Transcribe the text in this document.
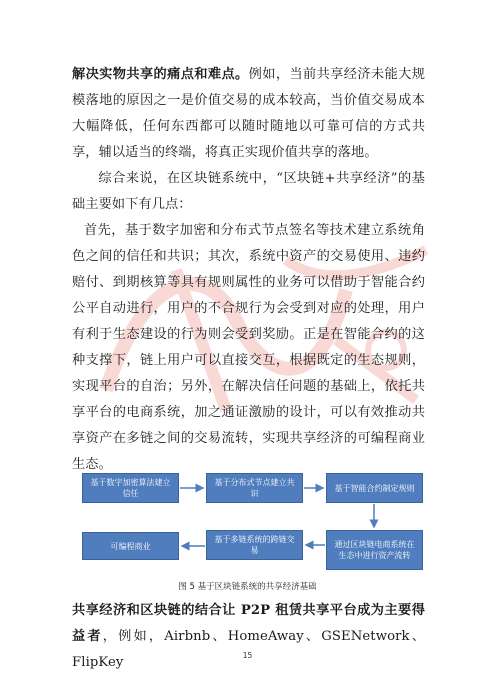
解决实物共享的痛点和难点。例如，当前共享经济未能大规模落地的原因之一是价值交易的成本较高，当价值交易成本大幅降低，任何东西都可以随时随地以可靠可信的方式共享，辅以适当的终端，将真正实现价值共享的落地。
综合来说，在区块链系统中，“区块链+共享经济”的基础主要如下有几点：
首先，基于数字加密和分布式节点签名等技术建立系统角色之间的信任和共识；其次，系统中资产的交易使用、违约赔付、到期核算等具有规则属性的业务可以借助于智能合约公平自动进行，用户的不合规行为会受到对应的处理，用户有利于生态建设的行为则会受到奖励。正是在智能合约的这种支撑下，链上用户可以直接交互，根据既定的生态规则，实现平台的自治；另外，在解决信任问题的基础上，依托共享平台的电商系统，加之通证激励的设计，可以有效推动共享资产在多链之间的交易流转，实现共享经济的可编程商业生态。
基于数字加密算法建立信任
基于分布式节点建立共识
基于智能合约制定规则
通过区块链电商系统在生态中进行资产流转
基于多链系统的跨链交易
可编程商业
图 5 基于区块链系统的共享经济基础
共享经济和区块链的结合让 P2P 租赁共享平台成为主要得益者，例如，Airbnb、HomeAway、GSENetwork、FlipKey	15
